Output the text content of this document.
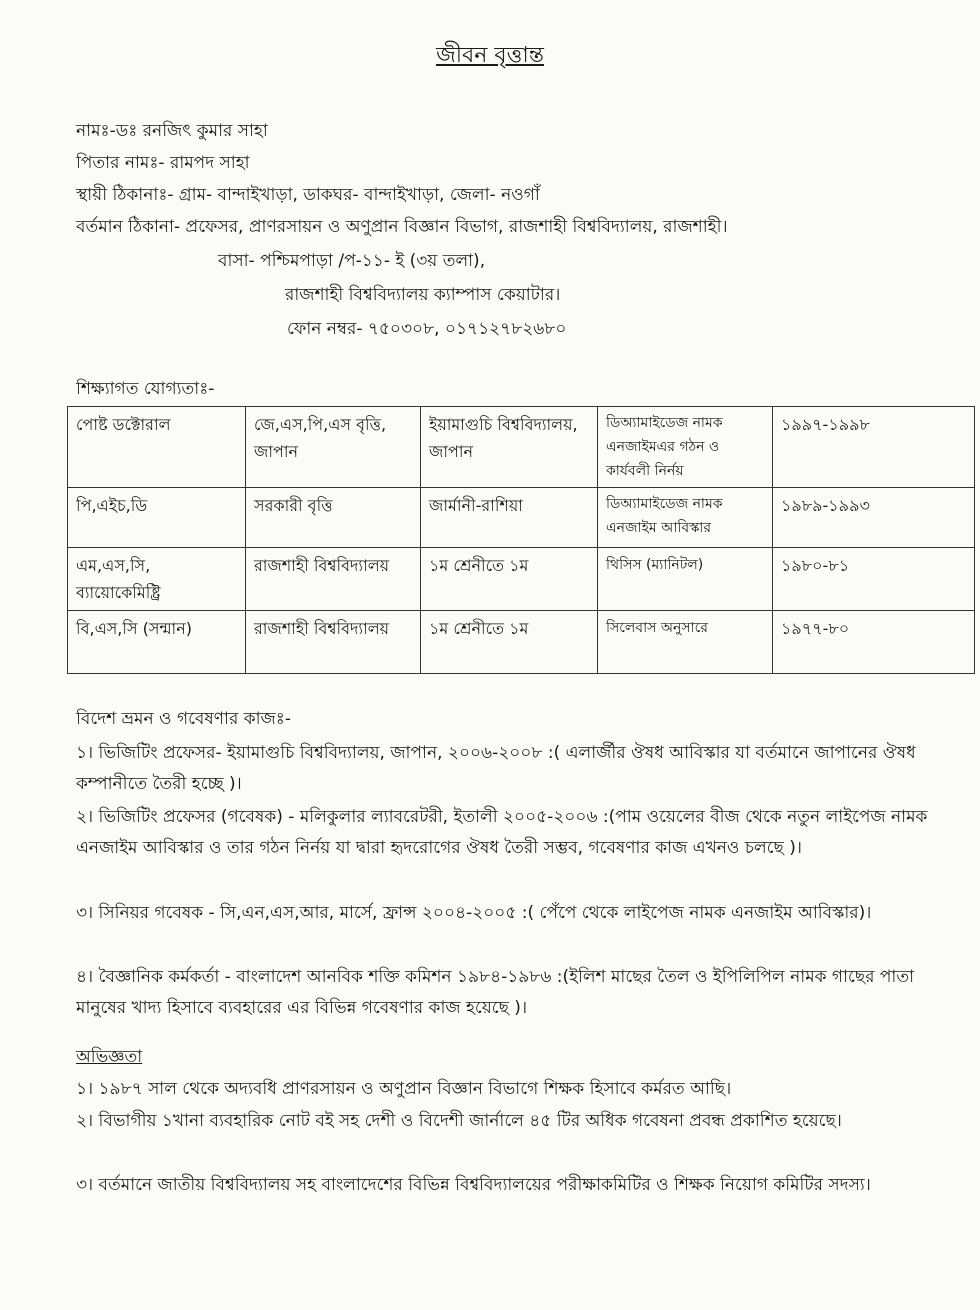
জীবন বৃত্তান্ত
নামঃ-ডঃ রনজিৎ কুমার সাহা
পিতার নামঃ- রামপদ সাহা
স্থায়ী ঠিকানাঃ- গ্রাম- বান্দাইখাড়া, ডাকঘর- বান্দাইখাড়া, জেলা- নওগাঁ
বর্তমান ঠিকানা- প্রফেসর, প্রাণরসায়ন ও অণুপ্রান বিজ্ঞান বিভাগ, রাজশাহী বিশ্ববিদ্যালয়, রাজশাহী।
বাসা- পশ্চিমপাড়া /প-১১- ই (৩য় তলা),
রাজশাহী বিশ্ববিদ্যালয় ক্যাম্পাস কেয়াটার।
ফোন নম্বর- ৭৫০৩০৮, ০১৭১২৭৮২৬৮০
শিক্ষ্যাগত যোগ্যতাঃ-
পোষ্ট ডক্টোরাল	জে,এস,পি,এস বৃত্তি, জাপান	ইয়ামাগুচি বিশ্ববিদ্যালয়, জাপান	ডিঅ্যামাইডেজ নামক এনজাইমএর গঠন ও কার্যবলী নির্নয়	১৯৯৭-১৯৯৮
পি,এইচ,ডি	সরকারী বৃত্তি	জার্মানী-রাশিয়া	ডিঅ্যামাইডেজ নামক এনজাইম আবিস্কার	১৯৮৯-১৯৯৩
এম,এস,সি, ব্যায়োকেমিষ্ট্রি	রাজশাহী বিশ্ববিদ্যালয়	১ম শ্রেনীতে ১ম	থিসিস (ম্যানিটল)	১৯৮০-৮১
বি,এস,সি (সন্মান)	রাজশাহী বিশ্ববিদ্যালয়	১ম শ্রেনীতে ১ম	সিলেবাস অনুসারে	১৯৭৭-৮০
বিদেশ ভ্রমন ও গবেষণার কাজঃ-
১। ভিজিটিং প্রফেসর- ইয়ামাগুচি বিশ্ববিদ্যালয়, জাপান, ২০০৬-২০০৮ :( এলার্জীর ঔষধ আবিস্কার যা বর্তমানে জাপানের ঔষধ কম্পানীতে তৈরী হচ্ছে )।
২। ভিজিটিং প্রফেসর (গবেষক) - মলিকুলার ল্যাবরেটরী, ইতালী ২০০৫-২০০৬ :(পাম ওয়েলের বীজ থেকে নতুন লাইপেজ নামক এনজাইম আবিস্কার ও তার গঠন নির্নয় যা দ্বারা হৃদরোগের ঔষধ তৈরী সম্ভব, গবেষণার কাজ এখনও চলছে )।
৩। সিনিয়র গবেষক - সি,এন,এস,আর, মার্সে, ফ্রান্স ২০০৪-২০০৫ :( পেঁপে থেকে লাইপেজ নামক এনজাইম আবিস্কার)।
৪। বৈজ্ঞানিক কর্মকর্তা - বাংলাদেশ আনবিক শক্তি কমিশন ১৯৮৪-১৯৮৬ :(ইলিশ মাছের তৈল ও ইপিলিপিল নামক গাছের পাতা মানুষের খাদ্য হিসাবে ব্যবহারের এর বিভিন্ন গবেষণার কাজ হয়েছে )।
অভিজ্ঞতা
১। ১৯৮৭ সাল থেকে অদ্যবধি প্রাণরসায়ন ও অণুপ্রান বিজ্ঞান বিভাগে শিক্ষক হিসাবে কর্মরত আছি।
২। বিভাগীয় ১খানা ব্যবহারিক নোট বই সহ দেশী ও বিদেশী জার্নালে ৪৫ টির অধিক গবেষনা প্রবন্ধ প্রকাশিত হয়েছে।
৩। বর্তমানে জাতীয় বিশ্ববিদ্যালয় সহ বাংলাদেশের বিভিন্ন বিশ্ববিদ্যালয়ের পরীক্ষাকমিটির ও শিক্ষক নিয়োগ কমিটির সদস্য।
